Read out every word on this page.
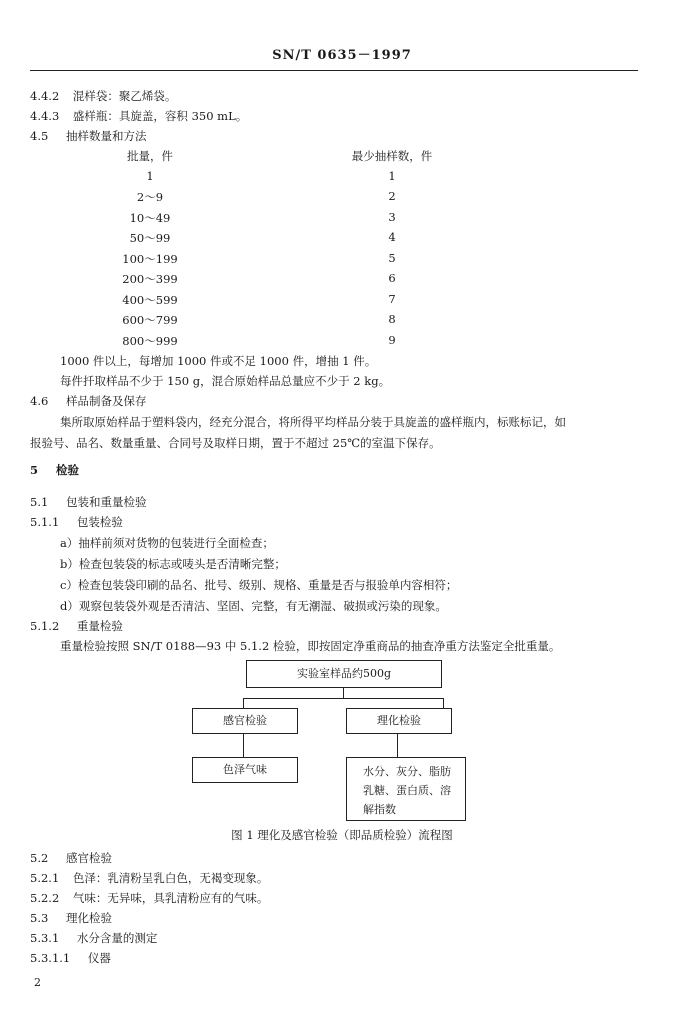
SN/T 0635－1997
4.4.2 混样袋：聚乙烯袋。
4.4.3 盛样瓶：具旋盖，容积 350 mL。
4.5 抽样数量和方法
批量，件	最少抽样数，件
1	1
2～9	2
10～49	3
50～99	4
100～199	5
200～399	6
400～599	7
600～799	8
800～999	9
1000 件以上，每增加 1000 件或不足 1000 件，增抽 1 件。
每件扦取样品不少于 150 g，混合原始样品总量应不少于 2 kg。
4.6 样品制备及保存
集所取原始样品于塑料袋内，经充分混合，将所得平均样品分装于具旋盖的盛样瓶内，标账标记，如
报验号、品名、数量重量、合同号及取样日期，置于不超过 25℃的室温下保存。
5 检验
5.1 包装和重量检验
5.1.1 包装检验
a）抽样前须对货物的包装进行全面检查；
b）检查包装袋的标志或唛头是否清晰完整；
c）检查包装袋印刷的品名、批号、级别、规格、重量是否与报验单内容相符；
d）观察包装袋外观是否清洁、坚固、完整，有无潮湿、破损或污染的现象。
5.1.2 重量检验
重量检验按照 SN/T 0188—93 中 5.1.2 检验，即按固定净重商品的抽查净重方法鉴定全批重量。
实验室样品约500g
感官检验	理化检验
色泽气味	水分、灰分、脂肪
乳糖、蛋白质、溶
解指数
图 1 理化及感官检验（即品质检验）流程图
5.2 感官检验
5.2.1 色泽：乳清粉呈乳白色，无褐变现象。
5.2.2 气味：无异味，具乳清粉应有的气味。
5.3 理化检验
5.3.1 水分含量的测定
5.3.1.1 仪器
2
